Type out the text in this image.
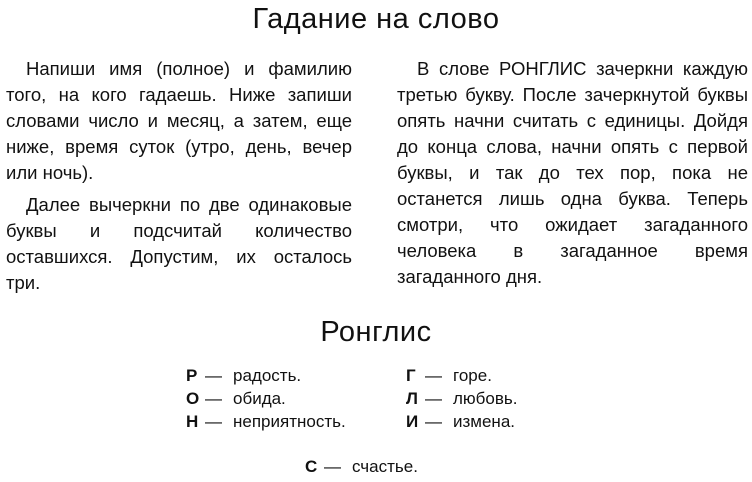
Гадание на слово

Напиши имя (полное) и фамилию того, на кого гадаешь. Ниже запиши словами число и месяц, а затем, еще ниже, время суток (утро, день, вечер или ночь).

Далее вычеркни по две одинаковые буквы и подсчитай количество оставшихся. Допустим, их осталось три.

В слове РОНГЛИС зачеркни каждую третью букву. После зачеркнутой буквы опять начни считать с единицы. Дойдя до конца слова, начни опять с первой буквы, и так до тех пор, пока не останется лишь одна буква. Теперь смотри, что ожидает загаданного человека в загаданное время загаданного дня.

Ронглис
Р — радость.
О — обида.
Н — неприятность.
Г — горе.
Л — любовь.
И — измена.
С — счастье.
